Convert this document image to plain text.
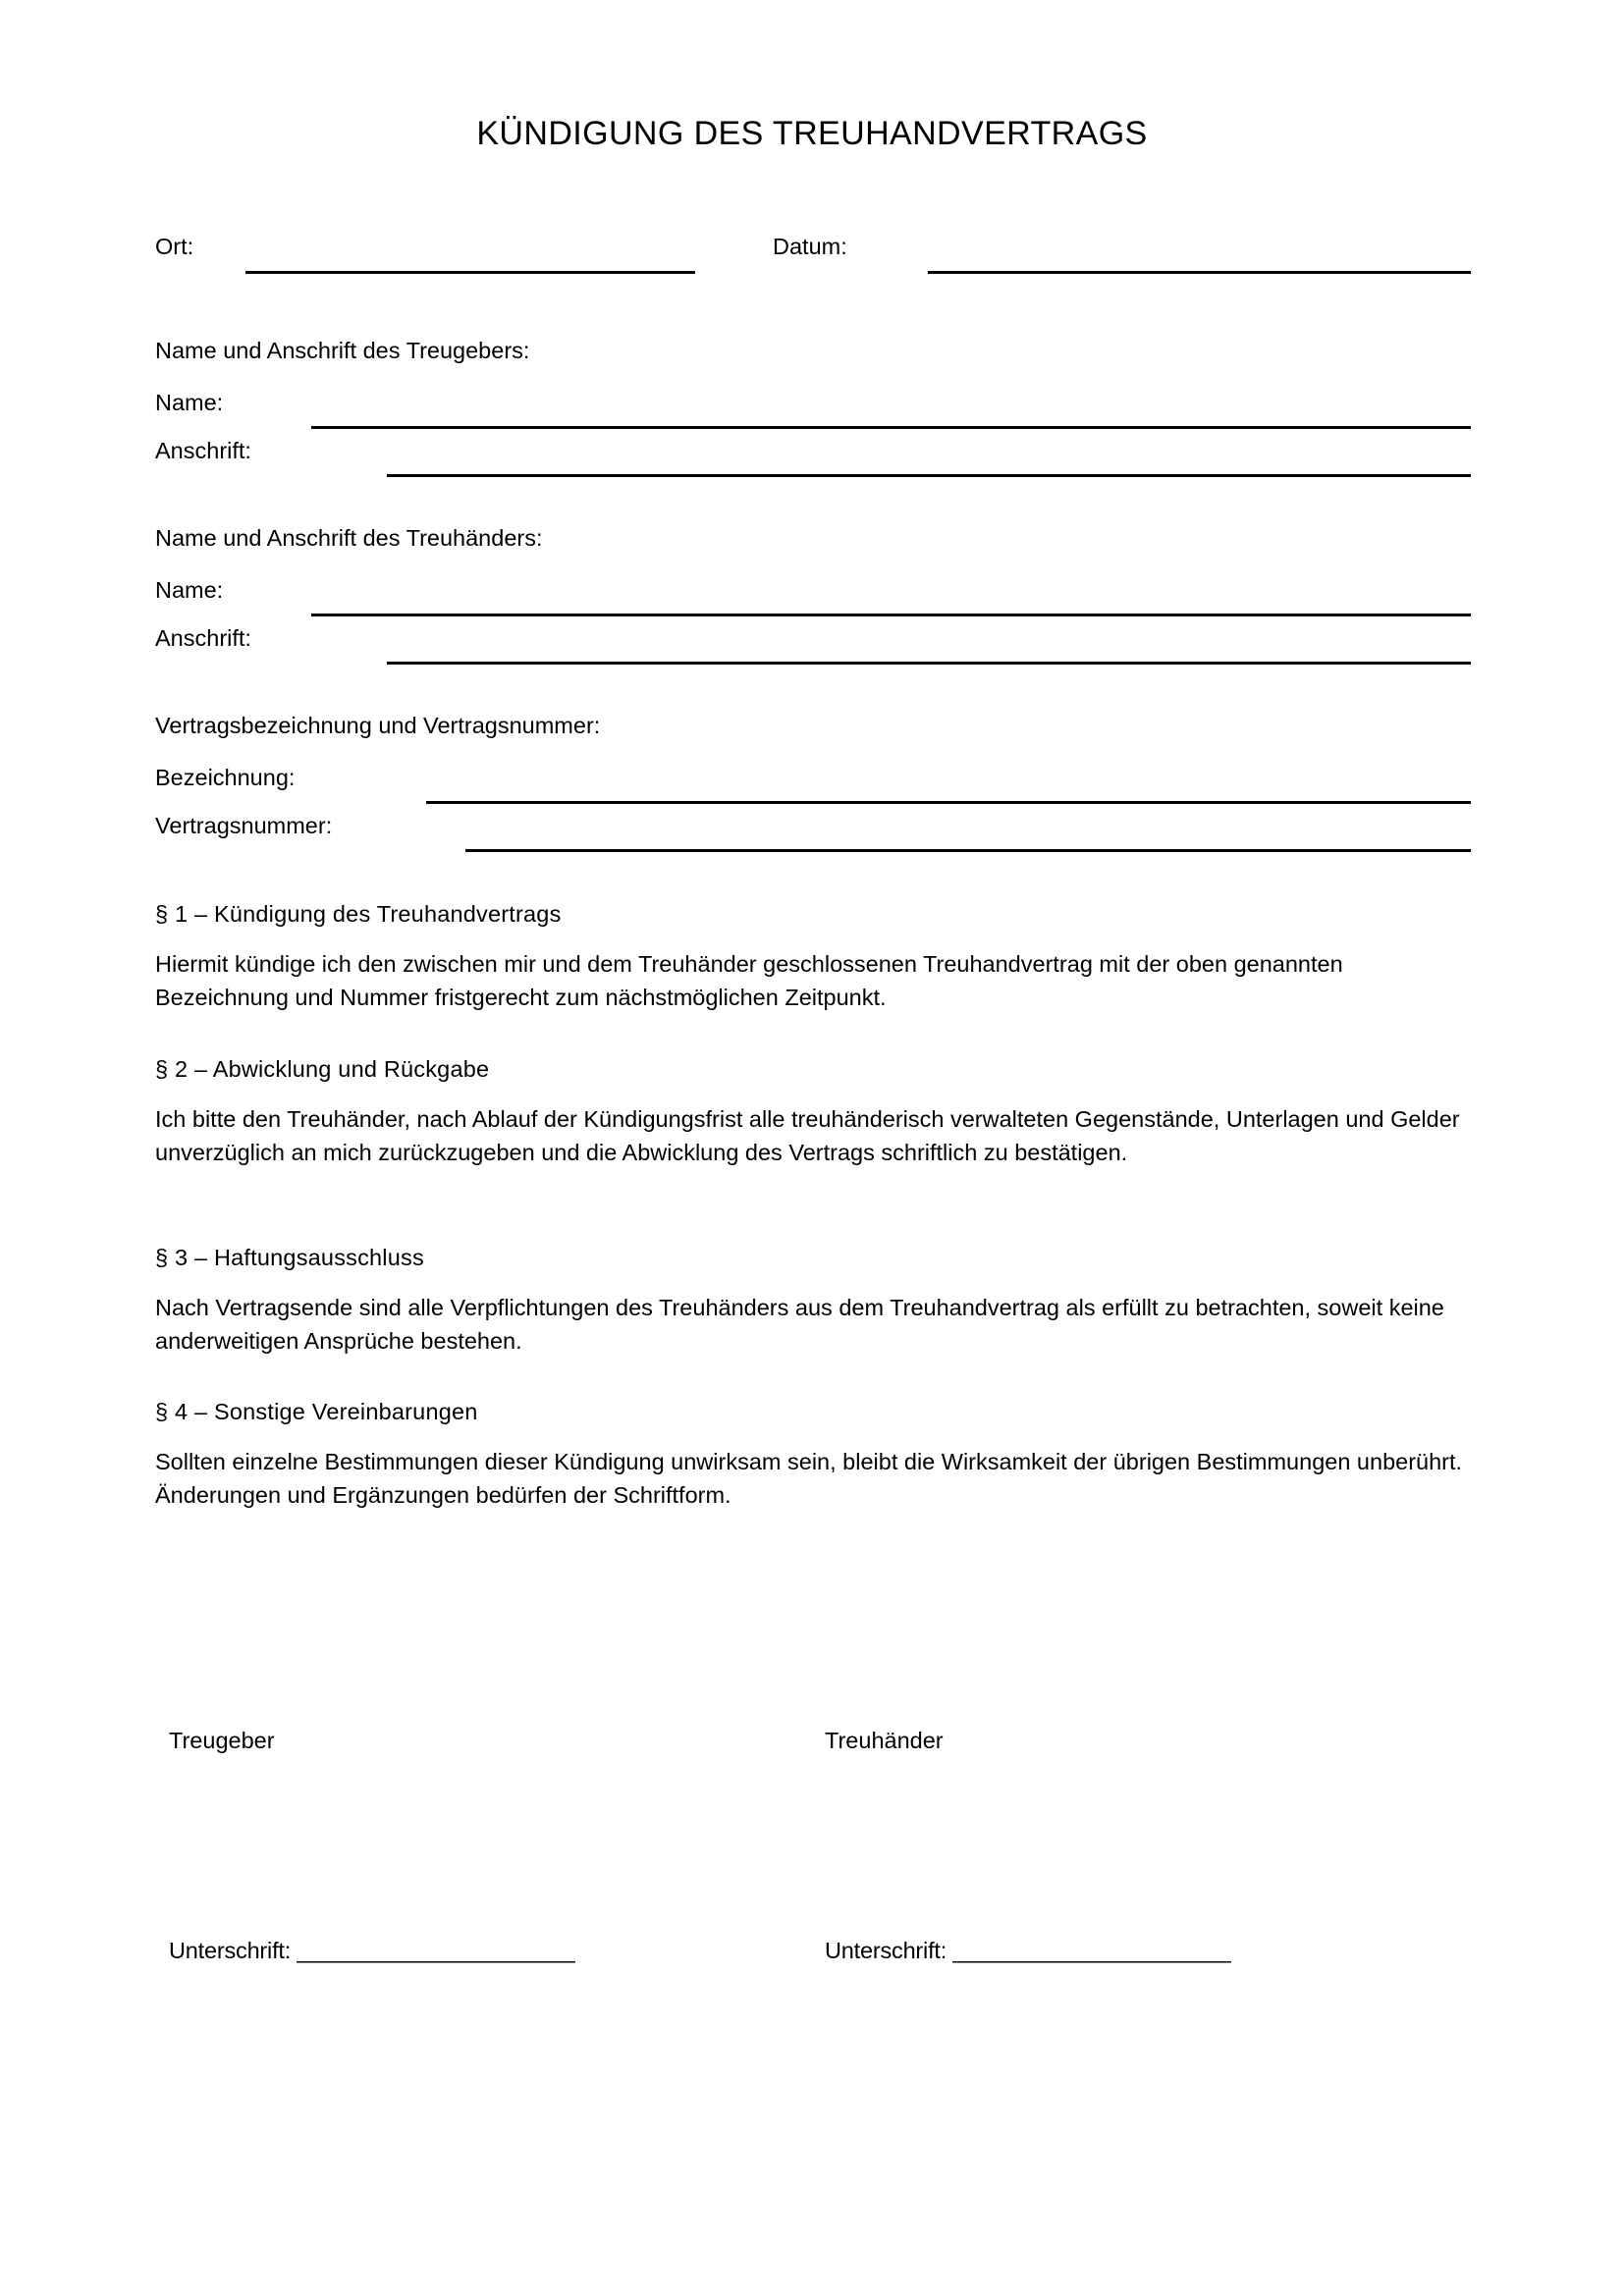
KÜNDIGUNG DES TREUHANDVERTRAGS
Ort:	Datum:
Name und Anschrift des Treugebers:
Name:
Anschrift:
Name und Anschrift des Treuhänders:
Name:
Anschrift:
Vertragsbezeichnung und Vertragsnummer:
Bezeichnung:
Vertragsnummer:
§ 1 – Kündigung des Treuhandvertrags
Hiermit kündige ich den zwischen mir und dem Treuhänder geschlossenen Treuhandvertrag mit der oben genannten Bezeichnung und Nummer fristgerecht zum nächstmöglichen Zeitpunkt.
§ 2 – Abwicklung und Rückgabe
Ich bitte den Treuhänder, nach Ablauf der Kündigungsfrist alle treuhänderisch verwalteten Gegenstände, Unterlagen und Gelder unverzüglich an mich zurückzugeben und die Abwicklung des Vertrags schriftlich zu bestätigen.
§ 3 – Haftungsausschluss
Nach Vertragsende sind alle Verpflichtungen des Treuhänders aus dem Treuhandvertrag als erfüllt zu betrachten, soweit keine anderweitigen Ansprüche bestehen.
§ 4 – Sonstige Vereinbarungen
Sollten einzelne Bestimmungen dieser Kündigung unwirksam sein, bleibt die Wirksamkeit der übrigen Bestimmungen unberührt. Änderungen und Ergänzungen bedürfen der Schriftform.
Treugeber	Treuhänder
Unterschrift: ______________________	Unterschrift: ______________________
